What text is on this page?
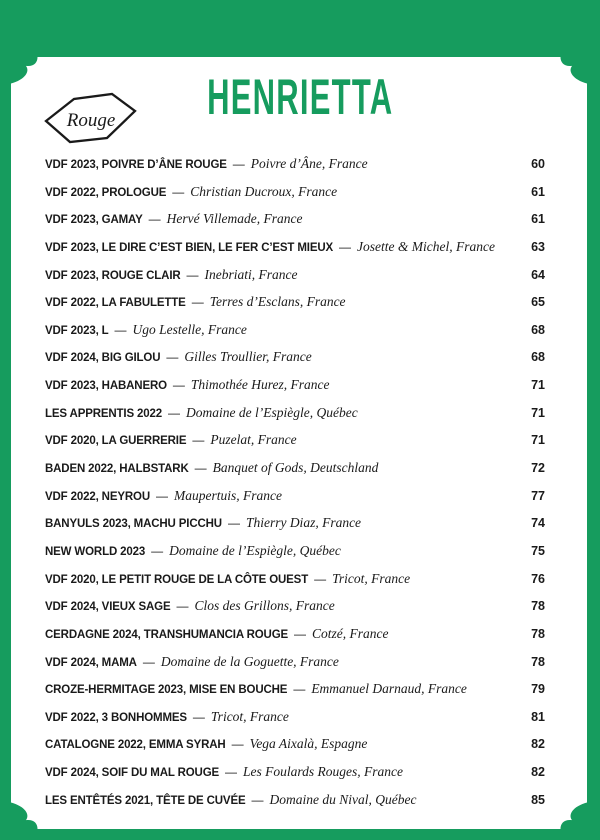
HENRIETTA
Rouge
VDF 2023, POIVRE D’ÂNE ROUGE — Poivre d’Âne, France	60
VDF 2022, PROLOGUE — Christian Ducroux, France	61
VDF 2023, GAMAY — Hervé Villemade, France	61
VDF 2023, LE DIRE C’EST BIEN, LE FER C’EST MIEUX — Josette & Michel, France	63
VDF 2023, ROUGE CLAIR — Inebriati, France	64
VDF 2022, LA FABULETTE — Terres d’Esclans, France	65
VDF 2023, L — Ugo Lestelle, France	68
VDF 2024, BIG GILOU — Gilles Troullier, France	68
VDF 2023, HABANERO — Thimothée Hurez, France	71
LES APPRENTIS 2022 — Domaine de l’Espiègle, Québec	71
VDF 2020, LA GUERRERIE — Puzelat, France	71
BADEN 2022, HALBSTARK — Banquet of Gods, Deutschland	72
VDF 2022, NEYROU — Maupertuis, France	77
BANYULS 2023, MACHU PICCHU — Thierry Diaz, France	74
NEW WORLD 2023 — Domaine de l’Espiègle, Québec	75
VDF 2020, LE PETIT ROUGE DE LA CÔTE OUEST — Tricot, France	76
VDF 2024, VIEUX SAGE — Clos des Grillons, France	78
CERDAGNE 2024, TRANSHUMANCIA ROUGE — Cotzé, France	78
VDF 2024, MAMA — Domaine de la Goguette, France	78
CROZE-HERMITAGE 2023, MISE EN BOUCHE — Emmanuel Darnaud, France	79
VDF 2022, 3 BONHOMMES — Tricot, France	81
CATALOGNE 2022, EMMA SYRAH — Vega Aixalà, Espagne	82
VDF 2024, SOIF DU MAL ROUGE — Les Foulards Rouges, France	82
LES ENTÊTÉS 2021, TÊTE DE CUVÉE — Domaine du Nival, Québec	85
